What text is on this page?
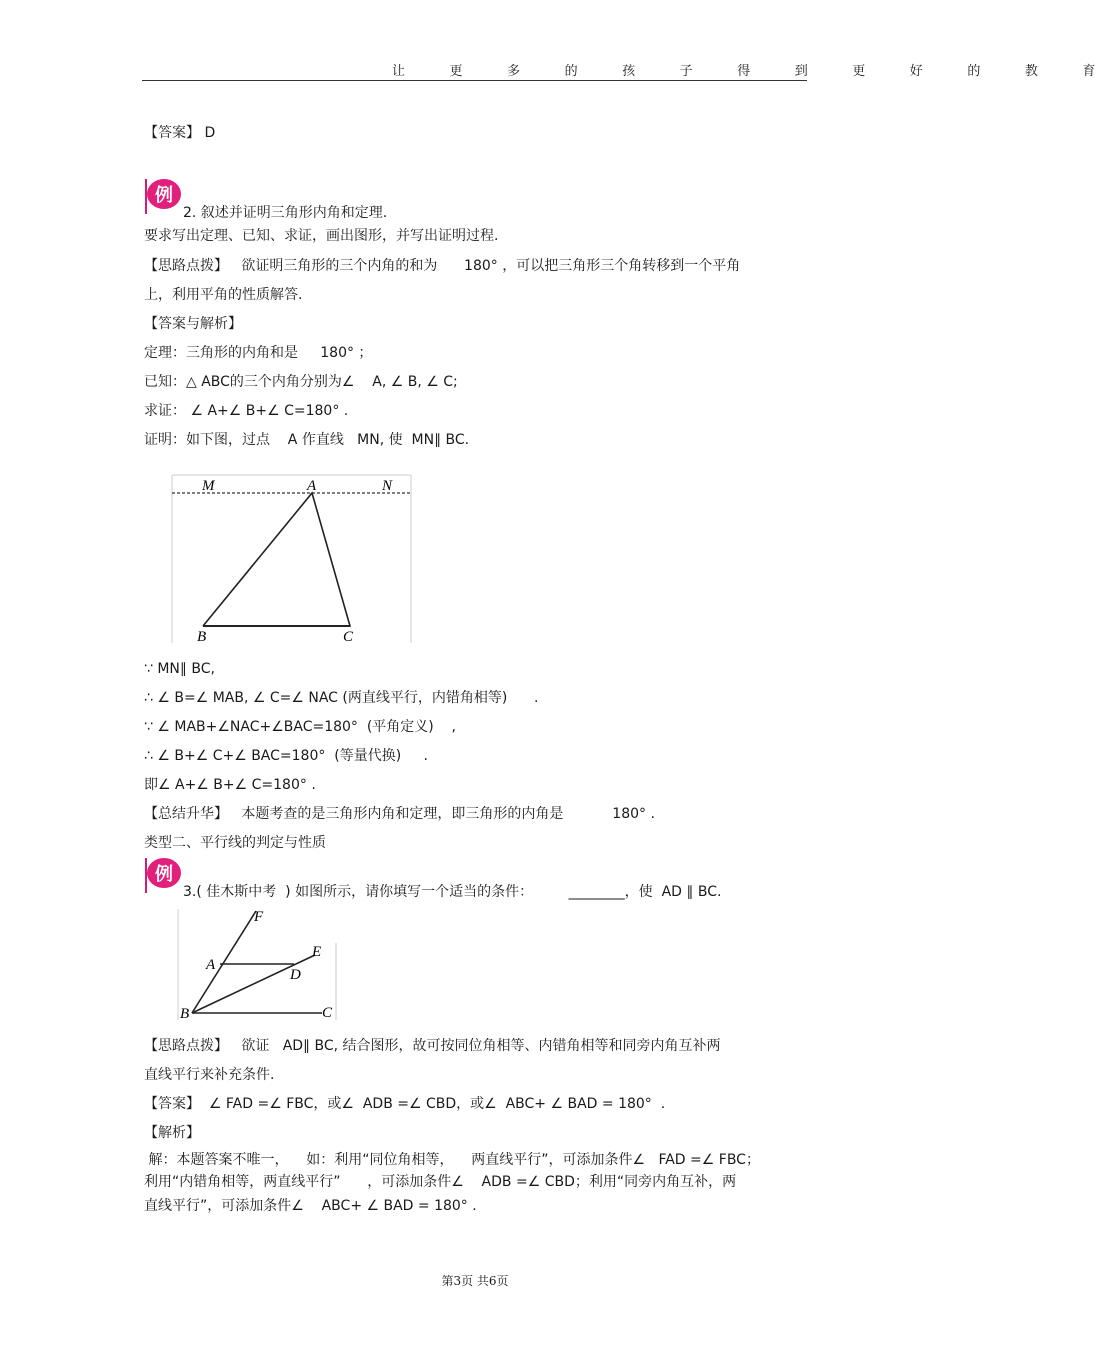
让 更 多 的 孩 子 得 到 更 好 的 教 育
【答案】 D
例
2. 叙述并证明三角形内角和定理.
要求写出定理、已知、求证，画出图形，并写出证明过程.
【思路点拨】   欲证明三角形的三个内角的和为      180° ，可以把三角形三个角转移到一个平角
上，利用平角的性质解答.
【答案与解析】
定理：三角形的内角和是     180° ；
已知：△ ABC的三个内角分别为∠    A, ∠ B, ∠ C;
求证： ∠ A+∠ B+∠ C=180° .
证明：如下图，过点    A 作直线   MN, 使  MN∥ BC.
M	A	N
B	C
∵ MN∥ BC,
∴ ∠ B=∠ MAB, ∠ C=∠ NAC (两直线平行，内错角相等)      .
∵ ∠ MAB+∠NAC+∠BAC=180°  (平角定义)    ,
∴ ∠ B+∠ C+∠ BAC=180°  (等量代换)     .
即∠ A+∠ B+∠ C=180° .
【总结升华】   本题考查的是三角形内角和定理，即三角形的内角是           180° .
类型二、平行线的判定与性质
例
3.( 佳木斯中考  ) 如图所示，请你填写一个适当的条件：        ________，使  AD ∥ BC.
F
A
E
D
B	C
【思路点拨】   欲证   AD∥ BC, 结合图形，故可按同位角相等、内错角相等和同旁内角互补两
直线平行来补充条件.
【答案】  ∠ FAD =∠ FBC，或∠  ADB =∠ CBD，或∠  ABC+ ∠ BAD = 180°  .
【解析】
解：本题答案不唯一，    如：利用“同位角相等，    两直线平行”，可添加条件∠   FAD =∠ FBC；
利用“内错角相等，两直线平行”      ，可添加条件∠    ADB =∠ CBD；利用“同旁内角互补，两
直线平行”，可添加条件∠    ABC+ ∠ BAD = 180° .
第3页 共6页
